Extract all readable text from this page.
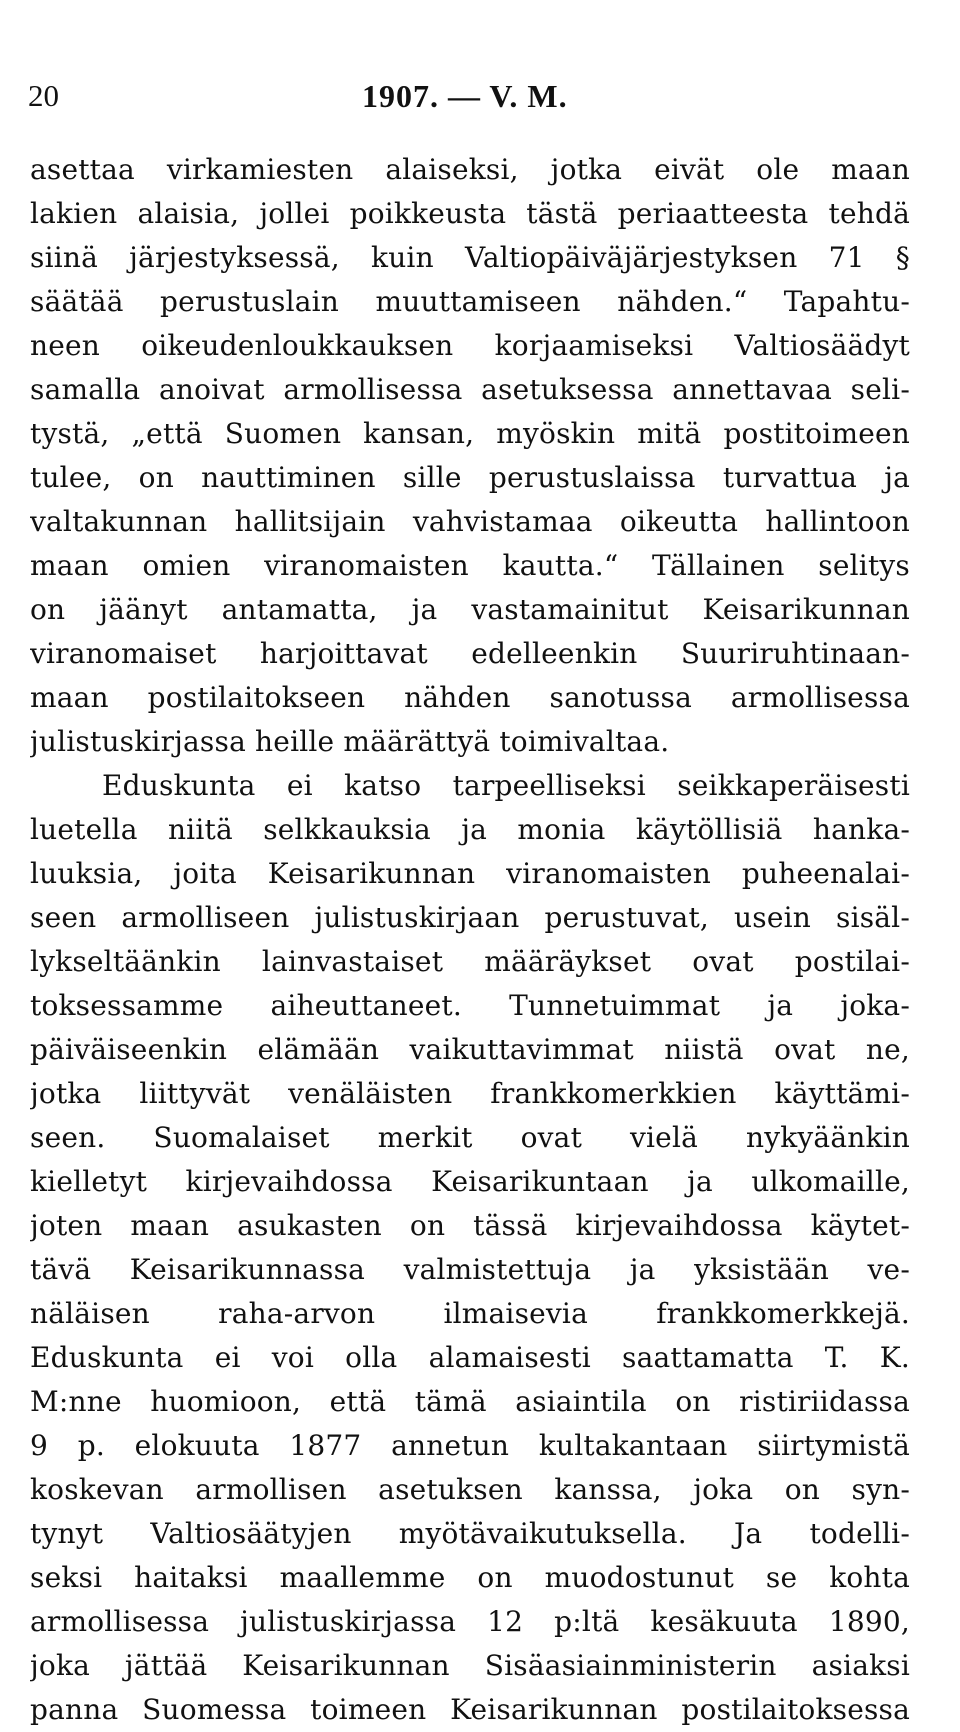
20	1907. — V. M.
asettaa virkamiesten alaiseksi, jotka eivät ole maan
lakien alaisia, jollei poikkeusta tästä periaatteesta tehdä
siinä järjestyksessä, kuin Valtiopäiväjärjestyksen 71 §
säätää perustuslain muuttamiseen nähden.“ Tapahtu-
neen oikeudenloukkauksen korjaamiseksi Valtiosäädyt
samalla anoivat armollisessa asetuksessa annettavaa seli-
tystä, „että Suomen kansan, myöskin mitä postitoimeen
tulee, on nauttiminen sille perustuslaissa turvattua ja
valtakunnan hallitsijain vahvistamaa oikeutta hallintoon
maan omien viranomaisten kautta.“ Tällainen selitys
on jäänyt antamatta, ja vastamainitut Keisarikunnan
viranomaiset harjoittavat edelleenkin Suuriruhtinaan-
maan postilaitokseen nähden sanotussa armollisessa
julistuskirjassa heille määrättyä toimivaltaa.
Eduskunta ei katso tarpeelliseksi seikkaperäisesti
luetella niitä selkkauksia ja monia käytöllisiä hanka-
luuksia, joita Keisarikunnan viranomaisten puheenalai-
seen armolliseen julistuskirjaan perustuvat, usein sisäl-
lykseltäänkin lainvastaiset määräykset ovat postilai-
toksessamme aiheuttaneet. Tunnetuimmat ja joka-
päiväiseenkin elämään vaikuttavimmat niistä ovat ne,
jotka liittyvät venäläisten frankkomerkkien käyttämi-
seen. Suomalaiset merkit ovat vielä nykyäänkin
kielletyt kirjevaihdossa Keisarikuntaan ja ulkomaille,
joten maan asukasten on tässä kirjevaihdossa käytet-
tävä Keisarikunnassa valmistettuja ja yksistään ve-
näläisen raha-arvon ilmaisevia frankkomerkkejä.
Eduskunta ei voi olla alamaisesti saattamatta T. K.
M:nne huomioon, että tämä asiaintila on ristiriidassa
9 p. elokuuta 1877 annetun kultakantaan siirtymistä
koskevan armollisen asetuksen kanssa, joka on syn-
tynyt Valtiosäätyjen myötävaikutuksella. Ja todelli-
seksi haitaksi maallemme on muodostunut se kohta
armollisessa julistuskirjassa 12 p:ltä kesäkuuta 1890,
joka jättää Keisarikunnan Sisäasiainministerin asiaksi
panna Suomessa toimeen Keisarikunnan postilaitoksessa
